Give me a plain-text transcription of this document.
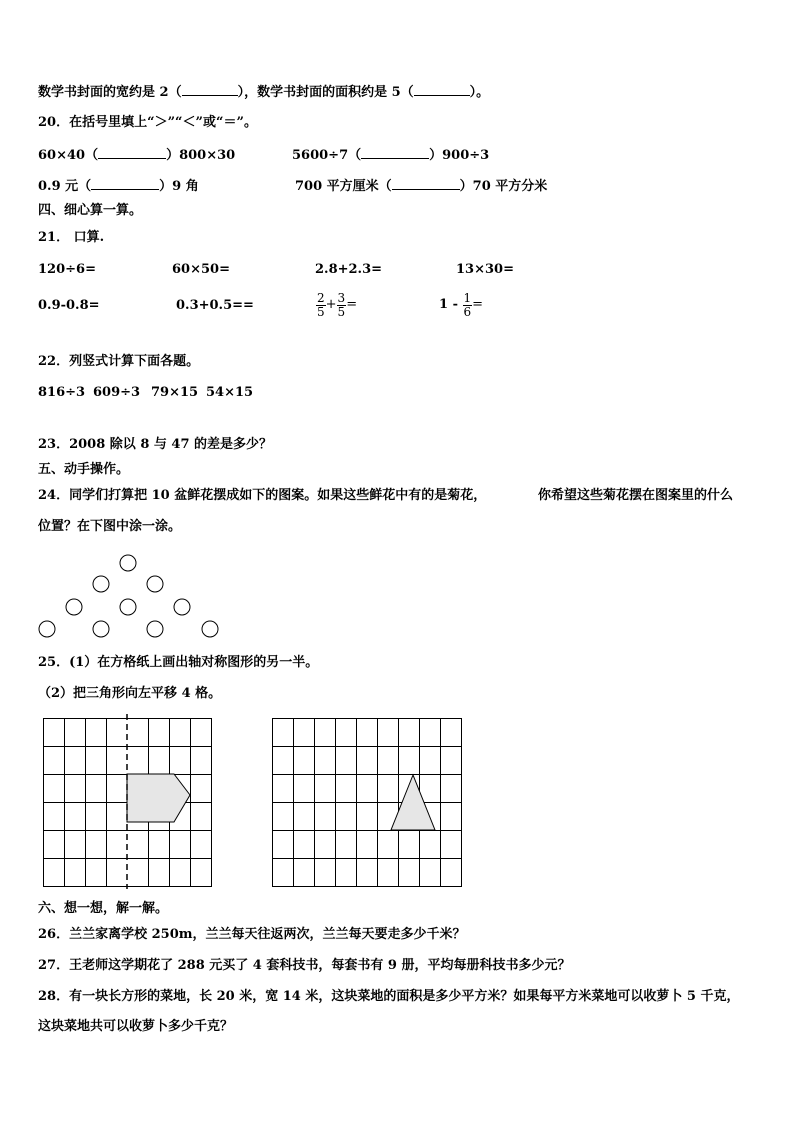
数学书封面的宽约是 2（	），数学书封面的面积约是 5（	）。
20．在括号里填上“＞”“＜”或“＝”。
60×40（	）800×30	5600÷7（	）900÷3
0.9 元（	）9 角	700 平方厘米（	）70 平方分米
四、细心算一算。
21． 口算.
120÷6=	60×50=	2.8+2.3=	13×30=
0.9-0.8=	0.3+0.5==	$\frac{2}{5} + \frac{3}{5}$ =	$1 - \frac{1}{6}$ =
22．列竖式计算下面各题。
816÷3 609÷3 79×15 54×15
23．2008 除以 8 与 47 的差是多少？
五、动手操作。
24．同学们打算把 10 盆鲜花摆成如下的图案。如果这些鲜花中有的是菊花，	你希望这些菊花摆在图案里的什么
位置？在下图中涂一涂。
25．(1）在方格纸上画出轴对称图形的另一半。
（2）把三角形向左平移 4 格。
六、想一想，解一解。
26．兰兰家离学校 250m，兰兰每天往返两次，兰兰每天要走多少千米？
27．王老师这学期花了 288 元买了 4 套科技书，每套书有 9 册，平均每册科技书多少元？
28．有一块长方形的菜地，长 20 米，宽 14 米，这块菜地的面积是多少平方米？如果每平方米菜地可以收萝卜 5 千克，
这块菜地共可以收萝卜多少千克？
